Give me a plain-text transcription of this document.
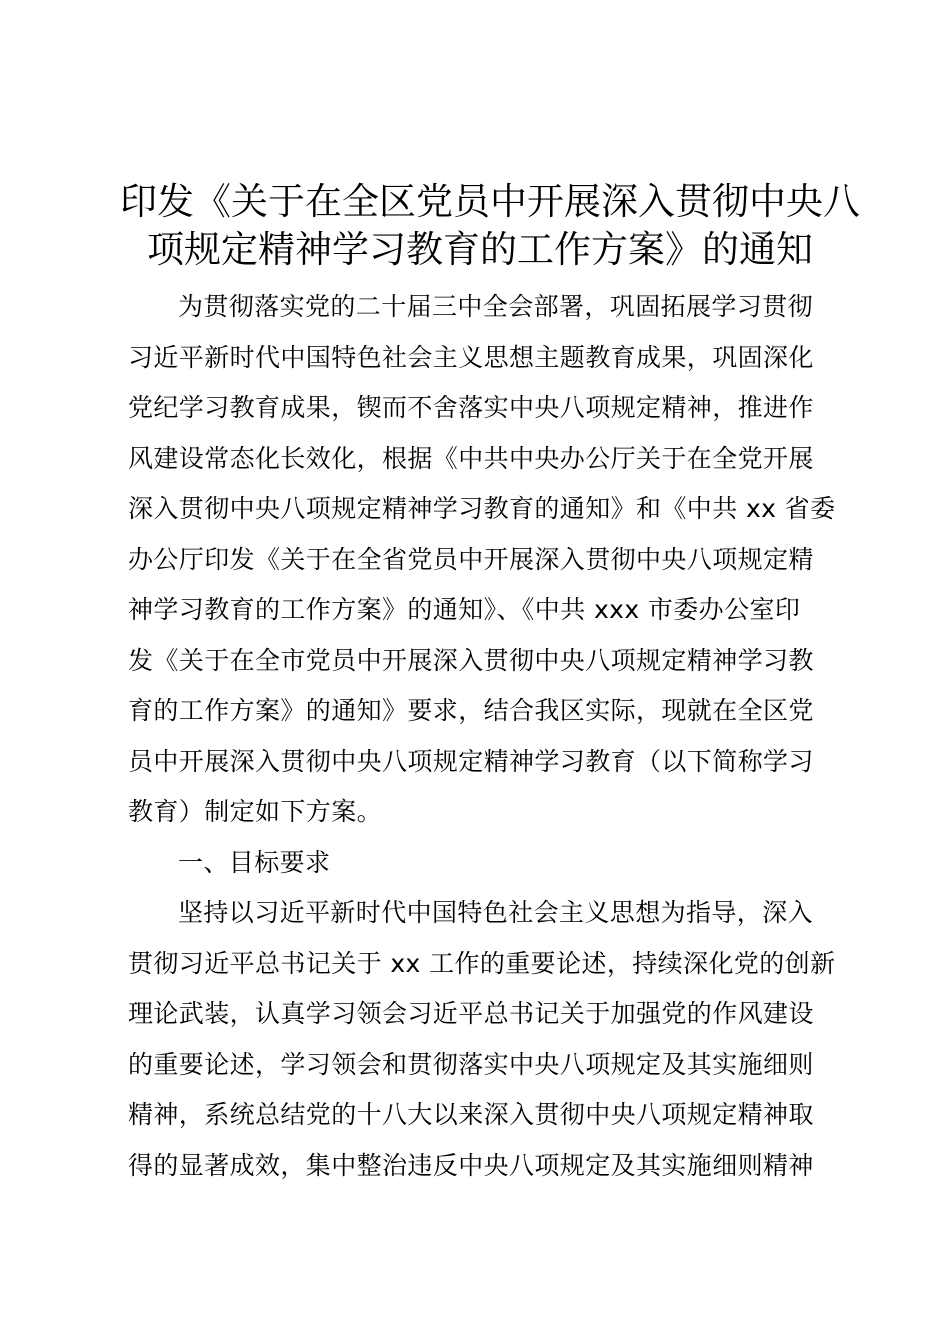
印发《关于在全区党员中开展深入贯彻中央八
项规定精神学习教育的工作方案》的通知
为贯彻落实党的二十届三中全会部署，巩固拓展学习贯彻
习近平新时代中国特色社会主义思想主题教育成果，巩固深化
党纪学习教育成果，锲而不舍落实中央八项规定精神，推进作
风建设常态化长效化，根据《中共中央办公厅关于在全党开展
深入贯彻中央八项规定精神学习教育的通知》和《中共 xx 省委
办公厅印发《关于在全省党员中开展深入贯彻中央八项规定精
神学习教育的工作方案》的通知》、《中共 xxx 市委办公室印
发《关于在全市党员中开展深入贯彻中央八项规定精神学习教
育的工作方案》的通知》要求，结合我区实际，现就在全区党
员中开展深入贯彻中央八项规定精神学习教育（以下简称学习
教育）制定如下方案。
一、目标要求
坚持以习近平新时代中国特色社会主义思想为指导，深入
贯彻习近平总书记关于 xx 工作的重要论述，持续深化党的创新
理论武装，认真学习领会习近平总书记关于加强党的作风建设
的重要论述，学习领会和贯彻落实中央八项规定及其实施细则
精神，系统总结党的十八大以来深入贯彻中央八项规定精神取
得的显著成效，集中整治违反中央八项规定及其实施细则精神
